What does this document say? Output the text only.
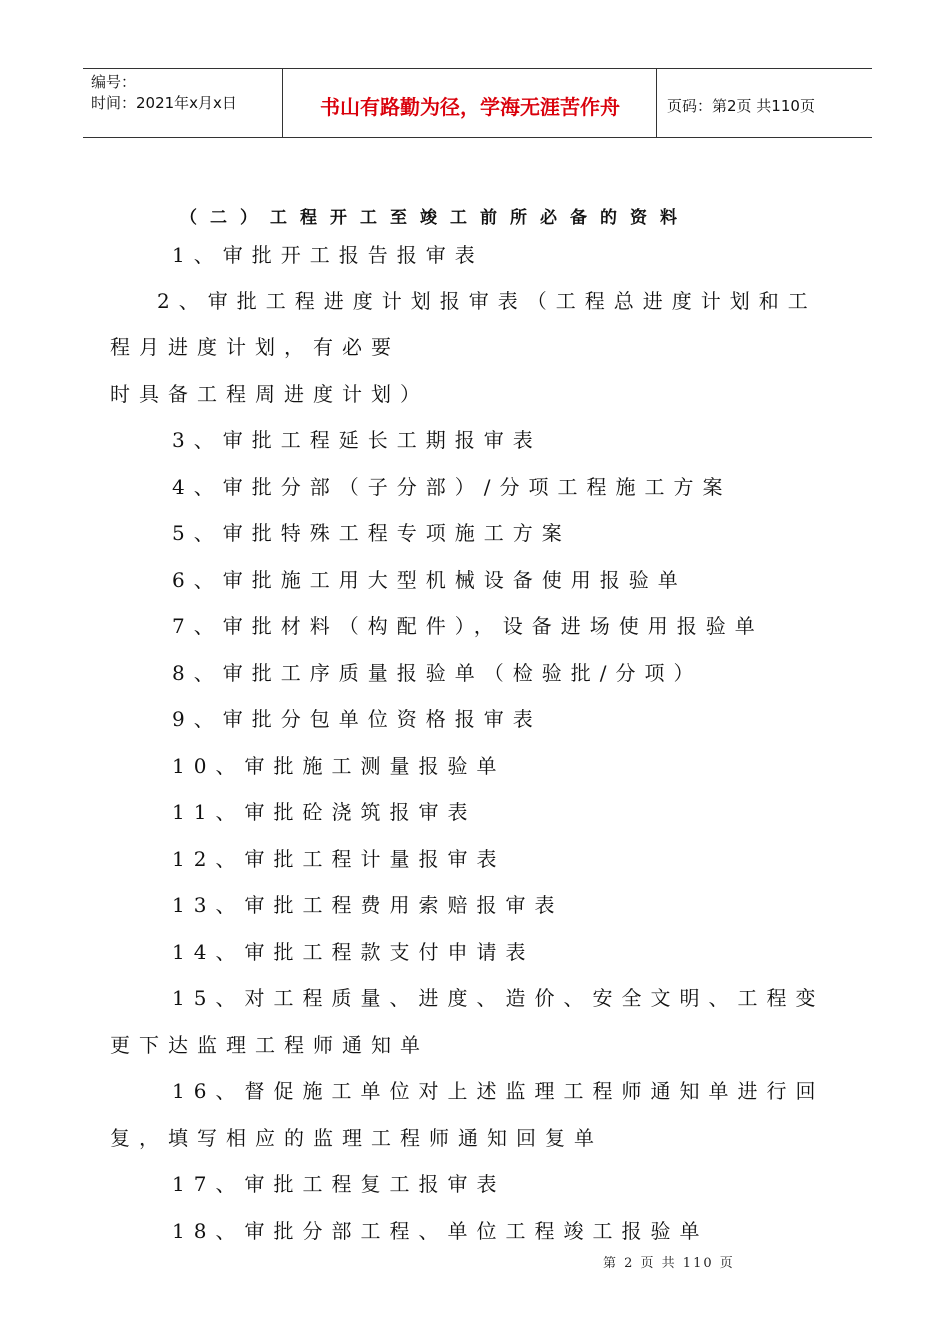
编号：
时间：2021年x月x日	书山有路勤为径，学海无涯苦作舟	页码：第2页 共110页
（二）工程开工至竣工前所必备的资料
1、审批开工报告报审表
2、审批工程进度计划报审表（工程总进度计划和工
程月进度计划，有必要
时具备工程周进度计划）
3、审批工程延长工期报审表
4、审批分部（子分部）/分项工程施工方案
5、审批特殊工程专项施工方案
6、审批施工用大型机械设备使用报验单
7、审批材料（构配件），设备进场使用报验单
8、审批工序质量报验单（检验批/分项）
9、审批分包单位资格报审表
10、审批施工测量报验单
11、审批砼浇筑报审表
12、审批工程计量报审表
13、审批工程费用索赔报审表
14、审批工程款支付申请表
15、对工程质量、进度、造价、安全文明、工程变
更下达监理工程师通知单
16、督促施工单位对上述监理工程师通知单进行回
复，填写相应的监理工程师通知回复单
17、审批工程复工报审表
18、审批分部工程、单位工程竣工报验单
第 2 页 共 110 页
